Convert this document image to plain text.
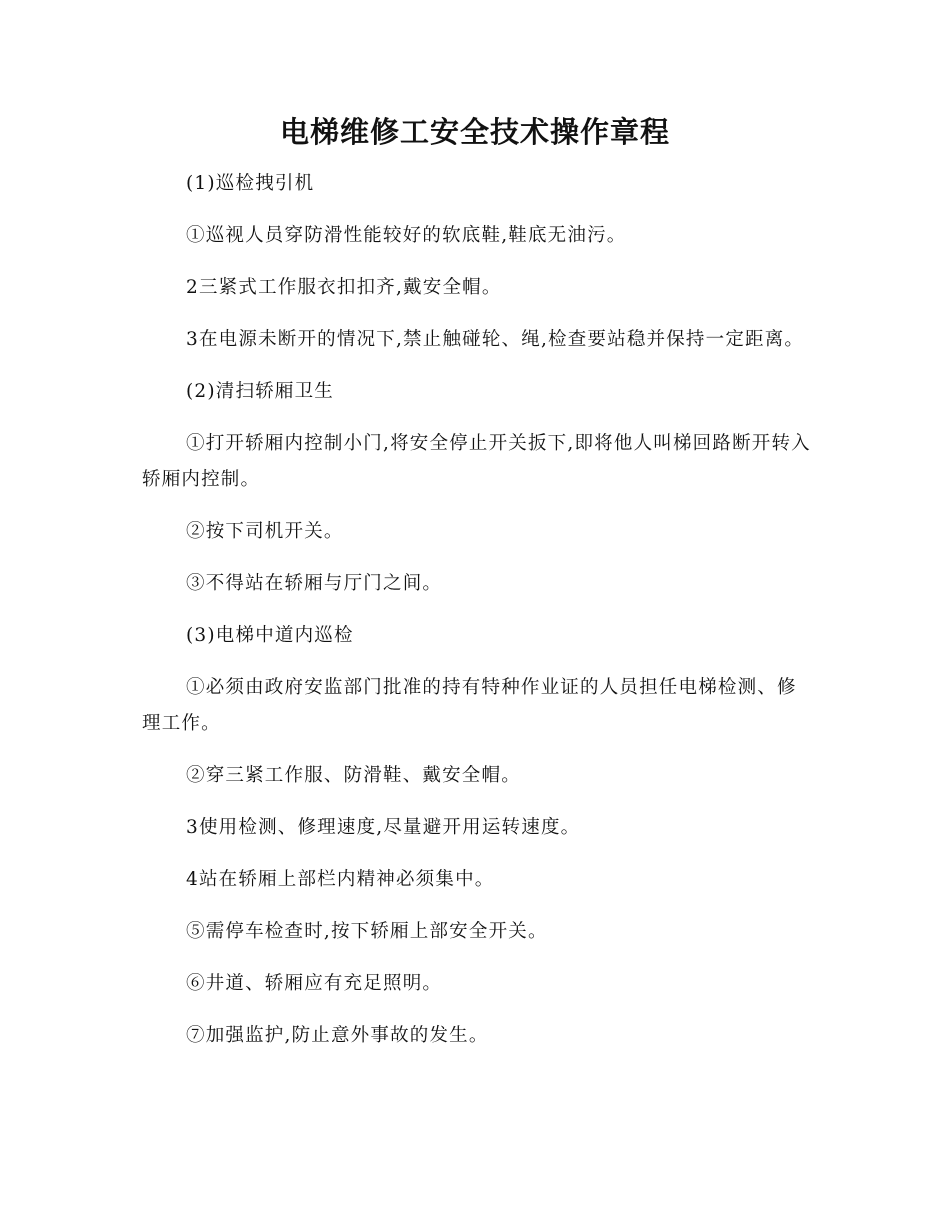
电梯维修工安全技术操作章程

(1)巡检拽引机

①巡视人员穿防滑性能较好的软底鞋,鞋底无油污。

2三紧式工作服衣扣扣齐,戴安全帽。

3在电源未断开的情况下,禁止触碰轮、绳,检查要站稳并保持一定距离。

(2)清扫轿厢卫生

①打开轿厢内控制小门,将安全停止开关扳下,即将他人叫梯回路断开转入轿厢内控制。

②按下司机开关。

③不得站在轿厢与厅门之间。

(3)电梯中道内巡检

①必须由政府安监部门批准的持有特种作业证的人员担任电梯检测、修理工作。

②穿三紧工作服、防滑鞋、戴安全帽。

3使用检测、修理速度,尽量避开用运转速度。

4站在轿厢上部栏内精神必须集中。

⑤需停车检查时,按下轿厢上部安全开关。

⑥井道、轿厢应有充足照明。

⑦加强监护,防止意外事故的发生。
